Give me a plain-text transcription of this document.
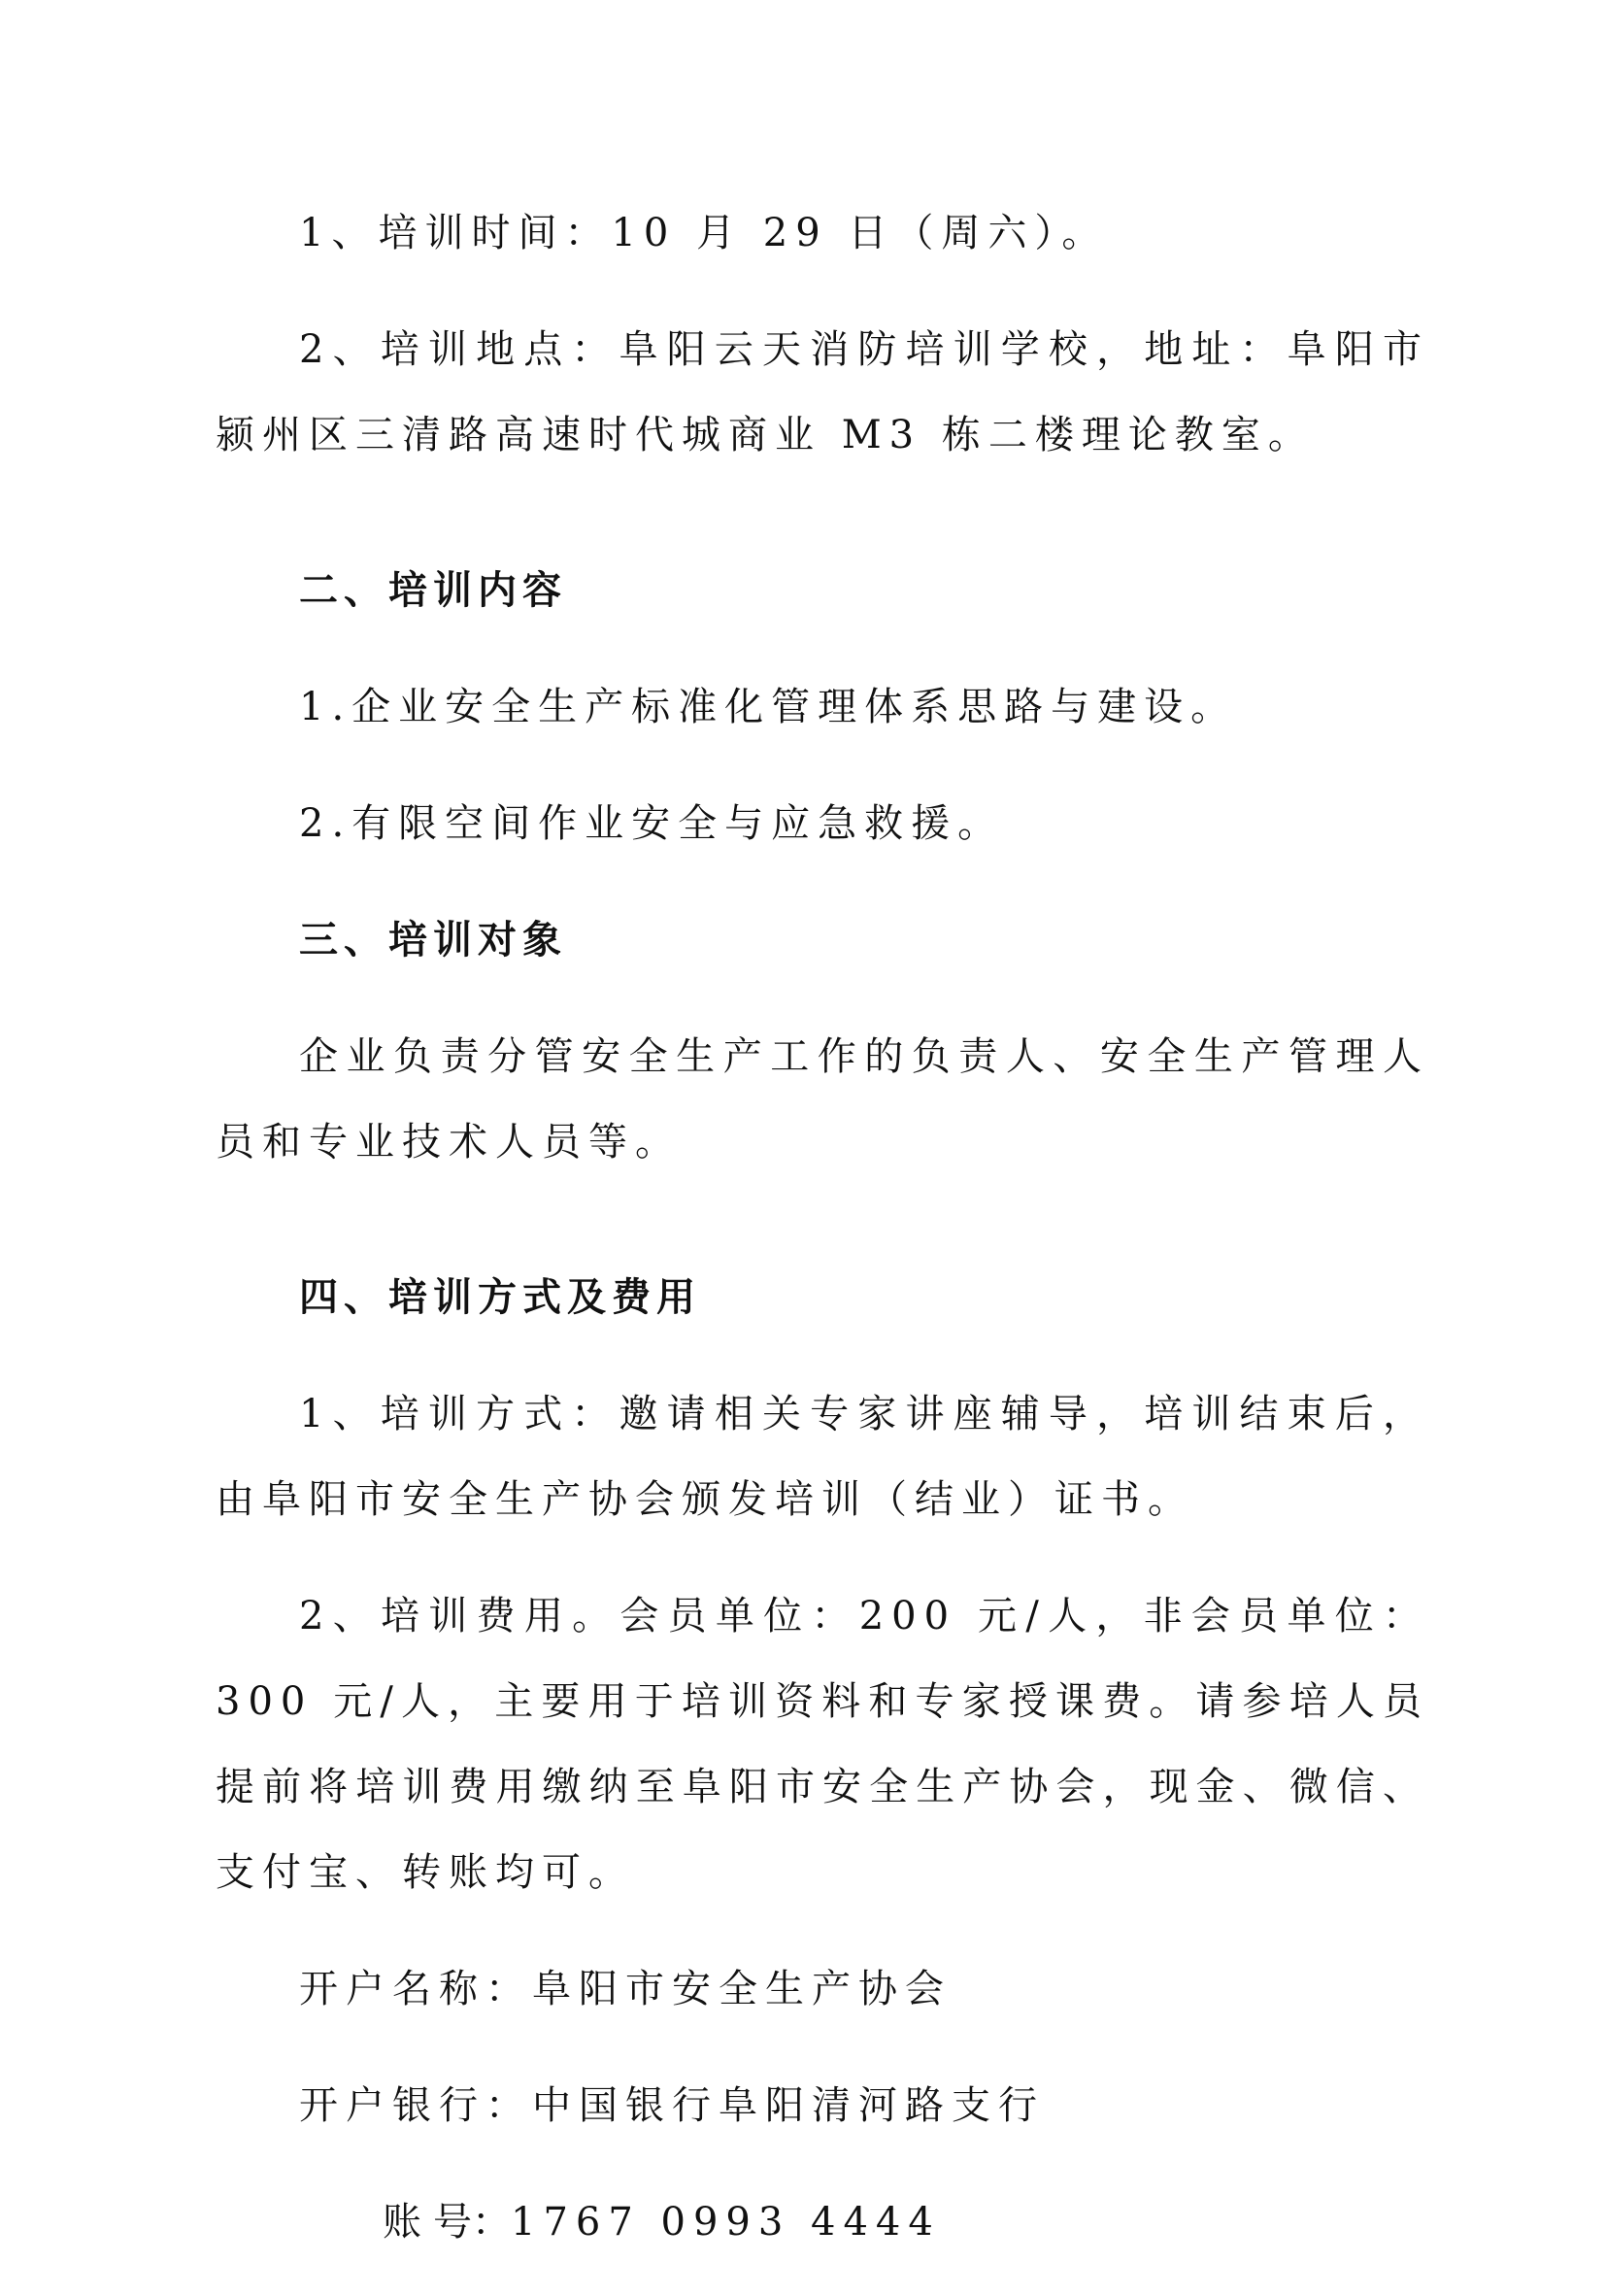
1、培训时间：10 月 29 日（周六）。

2、培训地点：阜阳云天消防培训学校，地址：阜阳市颍州区三清路高速时代城商业 M3 栋二楼理论教室。

二、培训内容

1.企业安全生产标准化管理体系思路与建设。

2.有限空间作业安全与应急救援。

三、培训对象

企业负责分管安全生产工作的负责人、安全生产管理人员和专业技术人员等。

四、培训方式及费用

1、培训方式：邀请相关专家讲座辅导，培训结束后，由阜阳市安全生产协会颁发培训（结业）证书。

2、培训费用。会员单位：200 元/人，非会员单位：300 元/人，主要用于培训资料和专家授课费。请参培人员提前将培训费用缴纳至阜阳市安全生产协会，现金、微信、支付宝、转账均可。

开户名称：阜阳市安全生产协会

开户银行：中国银行阜阳清河路支行

账 号：1767 0993 4444
